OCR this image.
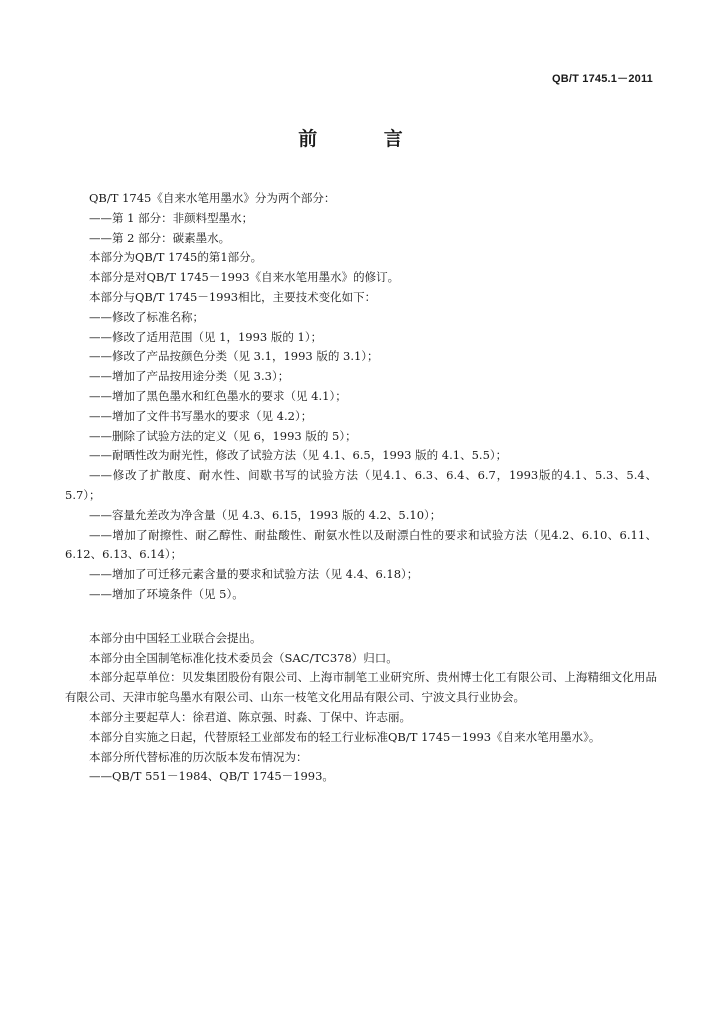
QB/T 1745.1－2011
前 言

QB/T 1745《自来水笔用墨水》分为两个部分：

——第 1 部分：非颜料型墨水；

——第 2 部分：碳素墨水。

本部分为QB/T 1745的第1部分。

本部分是对QB/T 1745－1993《自来水笔用墨水》的修订。

本部分与QB/T 1745－1993相比，主要技术变化如下：

——修改了标准名称；

——修改了适用范围（见 1，1993 版的 1）；

——修改了产品按颜色分类（见 3.1，1993 版的 3.1）；

——增加了产品按用途分类（见 3.3）；

——增加了黑色墨水和红色墨水的要求（见 4.1）；

——增加了文件书写墨水的要求（见 4.2）；

——删除了试验方法的定义（见 6，1993 版的 5）；

——耐晒性改为耐光性，修改了试验方法（见 4.1、6.5，1993 版的 4.1、5.5）；

——修改了扩散度、耐水性、间歇书写的试验方法（见4.1、6.3、6.4、6.7，1993版的4.1、5.3、5.4、5.7）；

——容量允差改为净含量（见 4.3、6.15，1993 版的 4.2、5.10）；

——增加了耐擦性、耐乙醇性、耐盐酸性、耐氨水性以及耐漂白性的要求和试验方法（见4.2、6.10、6.11、6.12、6.13、6.14）；

——增加了可迁移元素含量的要求和试验方法（见 4.4、6.18）；

——增加了环境条件（见 5）。

本部分由中国轻工业联合会提出。

本部分由全国制笔标准化技术委员会（SAC/TC378）归口。

本部分起草单位：贝发集团股份有限公司、上海市制笔工业研究所、贵州博士化工有限公司、上海精细文化用品有限公司、天津市鸵鸟墨水有限公司、山东一枝笔文化用品有限公司、宁波文具行业协会。

本部分主要起草人：徐君道、陈京强、时淼、丁保中、许志丽。

本部分自实施之日起，代替原轻工业部发布的轻工行业标准QB/T 1745－1993《自来水笔用墨水》。

本部分所代替标准的历次版本发布情况为：

——QB/T 551－1984、QB/T 1745－1993。
